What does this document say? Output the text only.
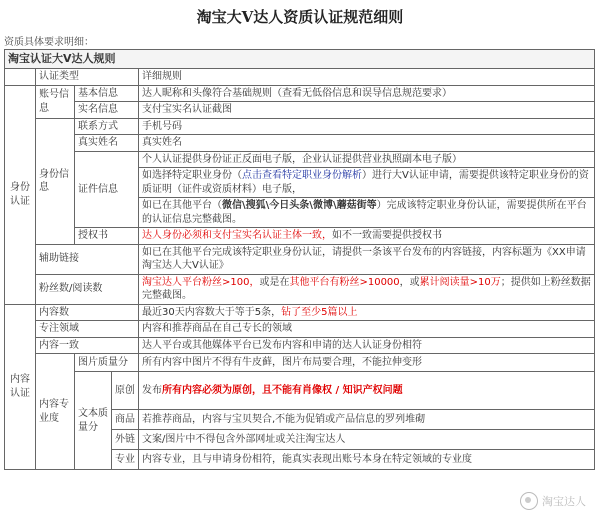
淘宝大V达人资质认证规范细则
资质具体要求明细：
淘宝认证大V达人规则				
	认证类型			详细规则
身份认证	账号信息	基本信息		达人昵称和头像符合基础规则（查看无低俗信息和误导信息规范要求）
		实名信息		支付宝实名认证截图
	身份信息	联系方式		手机号码
		真实姓名		真实姓名
		证件信息		个人认证提供身份证正反面电子版，企业认证提供营业执照副本电子版）
				如选择特定职业身份（点击查看特定职业身份解析）进行大V认证申请，需要提供该特定职业身份的资质证明（证件或资质材料）电子版，
				如已在其他平台（微信\搜狐\今日头条\微博\蘑菇街等）完成该特定职业身份认证，需要提供所在平台的认证信息完整截图。
		授权书		达人身份必须和支付宝实名认证主体一致，如不一致需要提供授权书
	辅助链接			如已在其他平台完成该特定职业身份认证，请提供一条该平台发布的内容链接，内容标题为《XX申请淘宝达人大V认证》
	粉丝数/阅读数			淘宝达人平台粉丝>100，或是在其他平台有粉丝>10000，或累计阅读量>10万；提供如上粉丝数据完整截图。
内容认证	内容数			最近30天内容数大于等于5条，钻了至少5篇以上
	专注领域			内容和推荐商品在自己专长的领域
	内容一致			达人平台或其他媒体平台已发布内容和申请的达人认证身份相符
	内容专业度	图片质量分		所有内容中图片不得有牛皮藓，图片布局要合理，不能拉伸变形
		文本质量分	原创	发布所有内容必须为原创，且不能有肖像权 / 知识产权问题
			商品	若推荐商品，内容与宝贝契合,不能为促销或产品信息的罗列堆砌
			外链	文案/图片中不得包含外部网址或关注淘宝达人
			专业	内容专业，且与申请身份相符，能真实表现出账号本身在特定领域的专业度
淘宝达人
